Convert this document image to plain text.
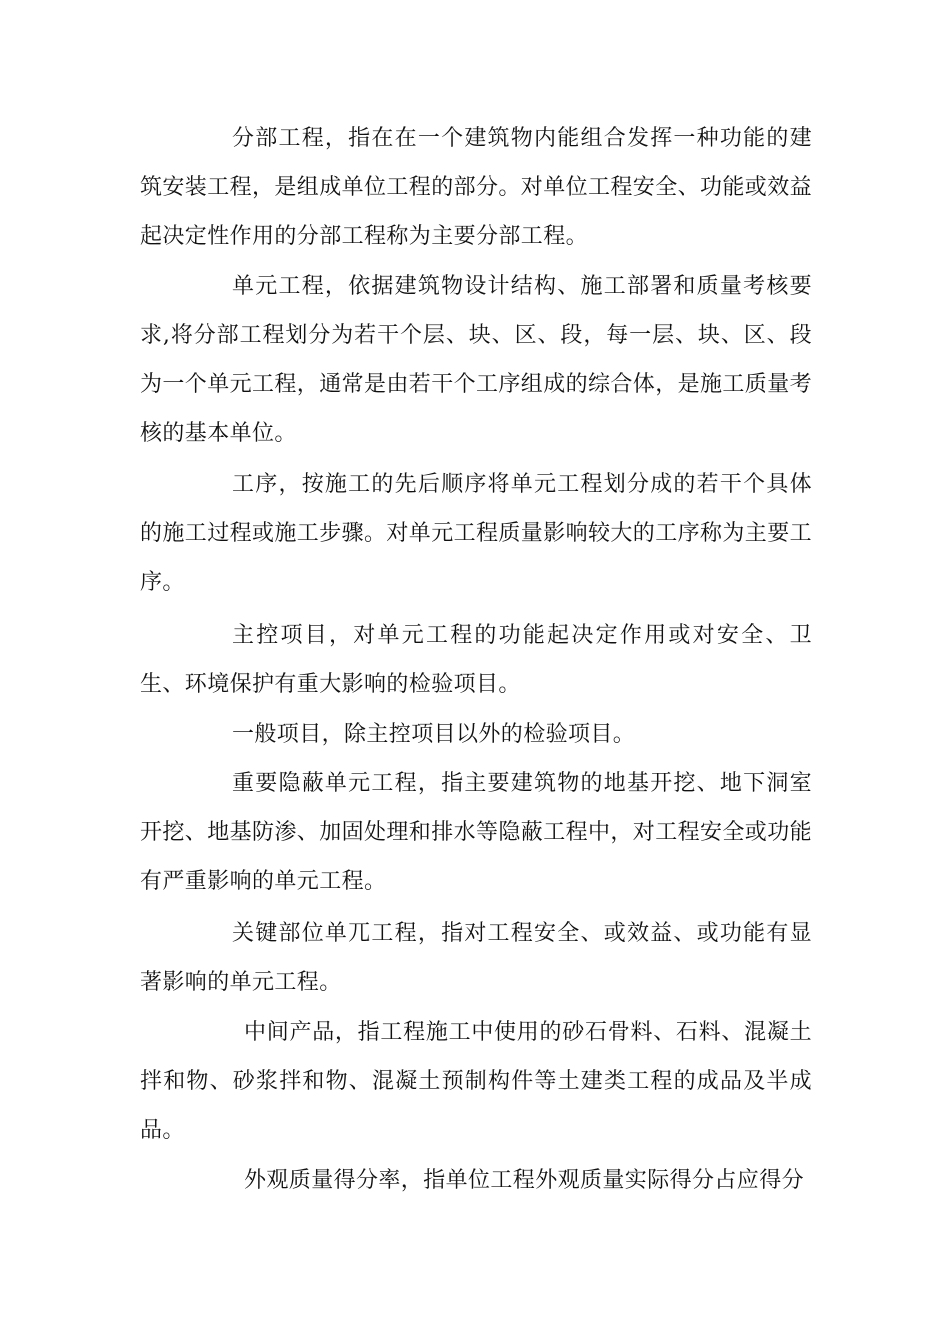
分部工程，指在在一个建筑物内能组合发挥一种功能的建筑安装工程，是组成单位工程的部分。对单位工程安全、功能或效益起决定性作用的分部工程称为主要分部工程。

单元工程，依据建筑物设计结构、施工部署和质量考核要求,将分部工程划分为若干个层、块、区、段，每一层、块、区、段为一个单元工程，通常是由若干个工序组成的综合体，是施工质量考核的基本单位。

工序，按施工的先后顺序将单元工程划分成的若干个具体的施工过程或施工步骤。对单元工程质量影响较大的工序称为主要工序。

主控项目，对单元工程的功能起决定作用或对安全、卫生、环境保护有重大影响的检验项目。

一般项目，除主控项目以外的检验项目。

重要隐蔽单元工程，指主要建筑物的地基开挖、地下洞室开挖、地基防渗、加固处理和排水等隐蔽工程中，对工程安全或功能有严重影响的单元工程。

关键部位单兀工程，指对工程安全、或效益、或功能有显著影响的单元工程。

中间产品，指工程施工中使用的砂石骨料、石料、混凝土拌和物、砂浆拌和物、混凝土预制构件等土建类工程的成品及半成品。

外观质量得分率，指单位工程外观质量实际得分占应得分
